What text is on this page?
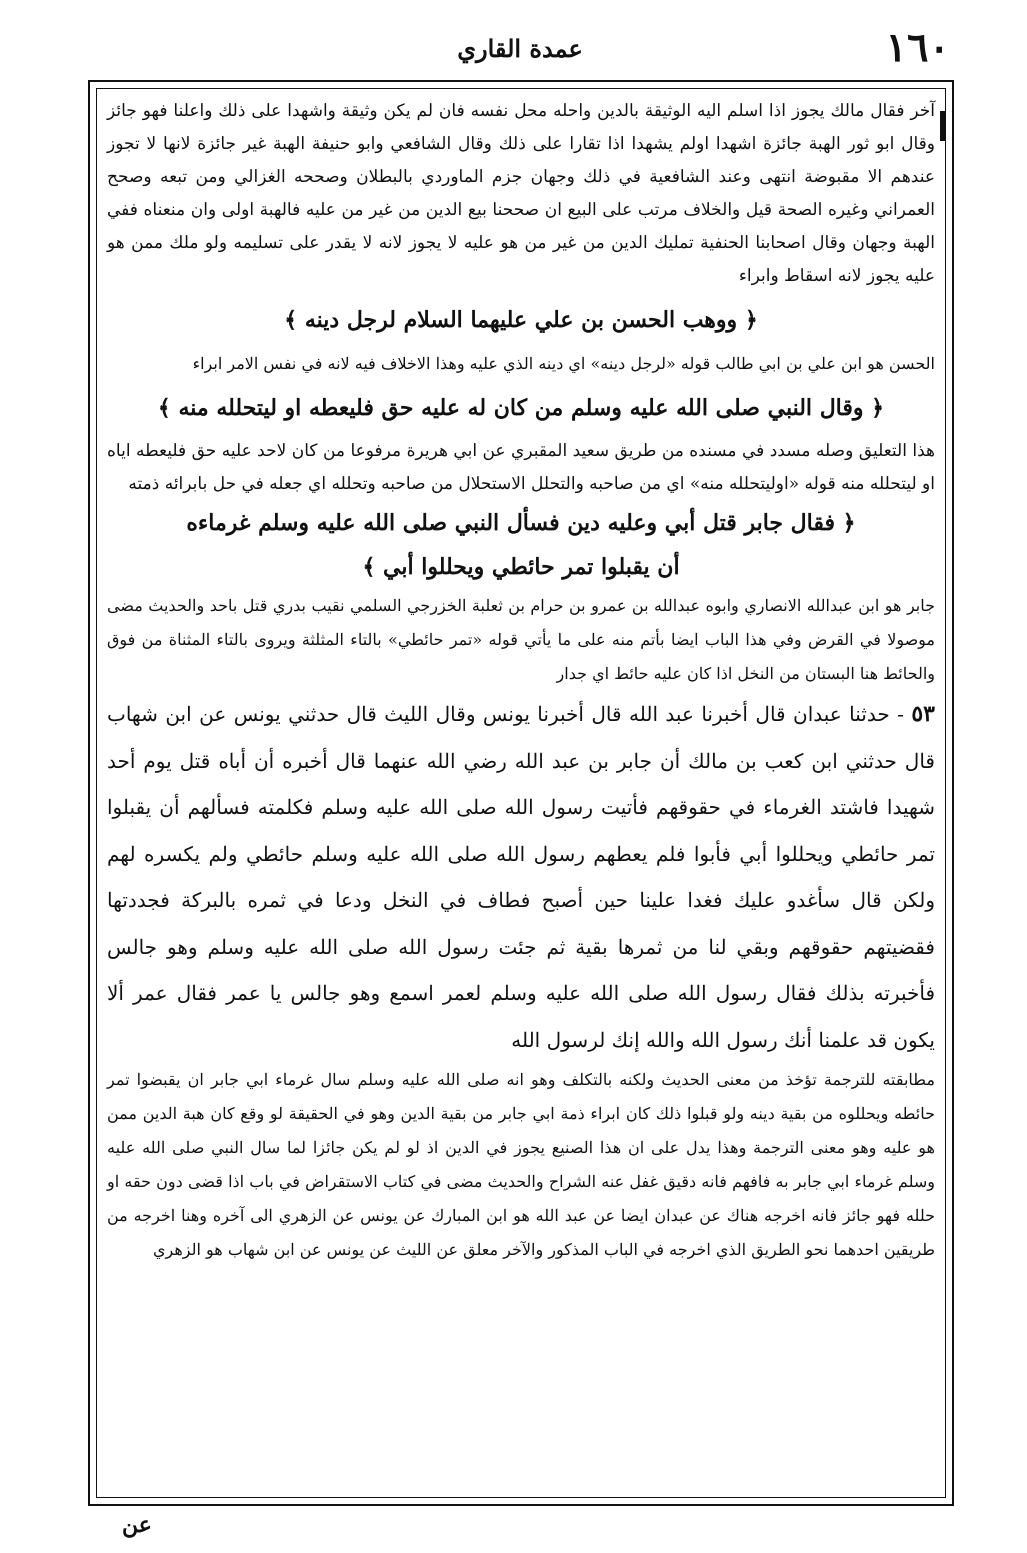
عمدة القاري	١٦٠

آخر فقال مالك يجوز اذا اسلم اليه الوثيقة بالدين واحله محل نفسه فان لم يكن وثيقة واشهدا على ذلك واعلنا فهو جائز وقال ابو ثور الهبة جائزة اشهدا اولم يشهدا اذا تقارا على ذلك وقال الشافعي وابو حنيفة الهبة غير جائزة لانها لا تجوز عندهم الا مقبوضة انتهى وعند الشافعية في ذلك وجهان جزم الماوردي بالبطلان وصححه الغزالي ومن تبعه وصحح العمراني وغيره الصحة قيل والخلاف مرتب على البيع ان صححنا بيع الدين من غير من عليه فالهبة اولى وان منعناه ففي الهبة وجهان وقال اصحابنا الحنفية تمليك الدين من غير من هو عليه لا يجوز لانه لا يقدر على تسليمه ولو ملك ممن هو عليه يجوز لانه اسقاط وابراء

﴿ ووهب الحسن بن علي عليهما السلام لرجل دينه ﴾

الحسن هو ابن علي بن ابي طالب قوله «لرجل دينه» اي دينه الذي عليه وهذا الاخلاف فيه لانه في نفس الامر ابراء

﴿ وقال النبي صلى الله عليه وسلم من كان له عليه حق فليعطه او ليتحلله منه ﴾

هذا التعليق وصله مسدد في مسنده من طريق سعيد المقبري عن ابي هريرة مرفوعا من كان لاحد عليه حق فليعطه اياه او ليتحلله منه قوله «اوليتحلله منه» اي من صاحبه والتحلل الاستحلال من صاحبه وتحلله اي جعله في حل بابرائه ذمته

﴿ فقال جابر قتل أبي وعليه دين فسأل النبي صلى الله عليه وسلم غرماءه

أن يقبلوا تمر حائطي ويحللوا أبي ﴾

جابر هو ابن عبدالله الانصاري وابوه عبدالله بن عمرو بن حرام بن ثعلبة الخزرجي السلمي نقيب بدري قتل باحد والحديث مضى موصولا في القرض وفي هذا الباب ايضا بأتم منه على ما يأتي قوله «تمر حائطي» بالتاء المثلثة ويروى بالتاء المثناة من فوق والحائط هنا البستان من النخل اذا كان عليه حائط اي جدار

٥٣ - حدثنا عبدان قال أخبرنا عبد الله قال أخبرنا يونس وقال الليث قال حدثني يونس عن ابن شهاب قال حدثني ابن كعب بن مالك أن جابر بن عبد الله رضي الله عنهما قال أخبره أن أباه قتل يوم أحد شهيدا فاشتد الغرماء في حقوقهم فأتيت رسول الله صلى الله عليه وسلم فكلمته فسألهم أن يقبلوا تمر حائطي ويحللوا أبي فأبوا فلم يعطهم رسول الله صلى الله عليه وسلم حائطي ولم يكسره لهم ولكن قال سأغدو عليك فغدا علينا حين أصبح فطاف في النخل ودعا في ثمره بالبركة فجددتها فقضيتهم حقوقهم وبقي لنا من ثمرها بقية ثم جئت رسول الله صلى الله عليه وسلم وهو جالس فأخبرته بذلك فقال رسول الله صلى الله عليه وسلم لعمر اسمع وهو جالس يا عمر فقال عمر ألا يكون قد علمنا أنك رسول الله والله إنك لرسول الله

مطابقته للترجمة تؤخذ من معنى الحديث ولكنه بالتكلف وهو انه صلى الله عليه وسلم سال غرماء ابي جابر ان يقبضوا تمر حائطه ويحللوه من بقية دينه ولو قبلوا ذلك كان ابراء ذمة ابي جابر من بقية الدين وهو في الحقيقة لو وقع كان هبة الدين ممن هو عليه وهو معنى الترجمة وهذا يدل على ان هذا الصنيع يجوز في الدين اذ لو لم يكن جائزا لما سال النبي صلى الله عليه وسلم غرماء ابي جابر به فافهم فانه دقيق غفل عنه الشراح والحديث مضى في كتاب الاستقراض في باب اذا قضى دون حقه او حلله فهو جائز فانه اخرجه هناك عن عبدان ايضا عن عبد الله هو ابن المبارك عن يونس عن الزهري الى آخره وهنا اخرجه من طريقين احدهما نحو الطريق الذي اخرجه في الباب المذكور والآخر معلق عن الليث عن يونس عن ابن شهاب هو الزهري

عن
